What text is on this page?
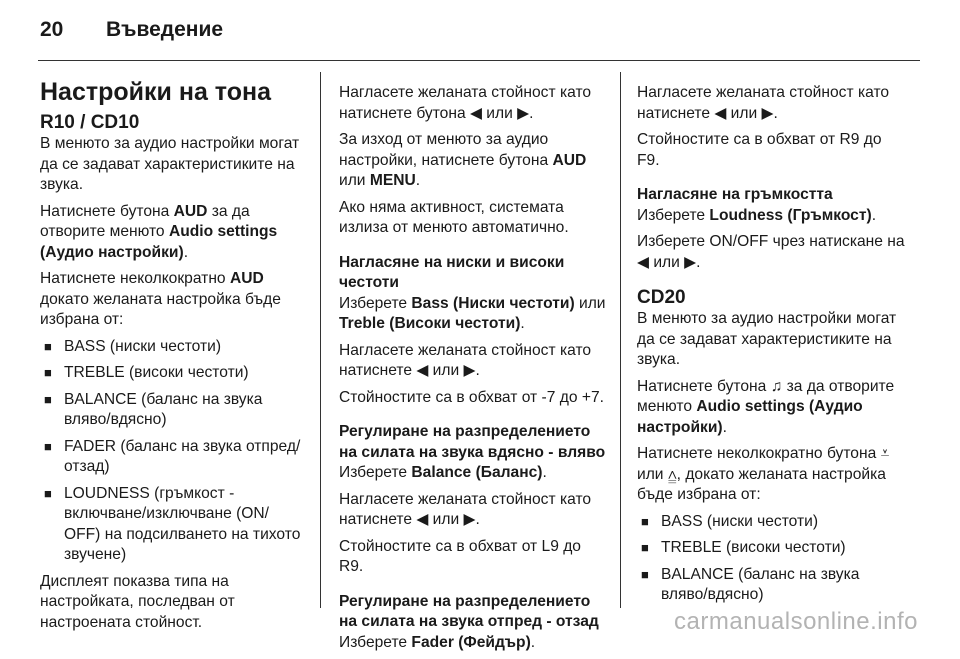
20 Въведение
Настройки на тона
R10 / CD10

В менюто за аудио настройки могат да се задават характеристиките на звука.

Натиснете бутона AUD за да отворите менюто Audio settings (Аудио настройки).

Натиснете неколкократно AUD докато желаната настройка бъде избрана от:

■ BASS (ниски честоти)
■ TREBLE (високи честоти)
■ BALANCE (баланс на звука вляво/вдясно)
■ FADER (баланс на звука отпред/ отзад)
■ LOUDNESS (гръмкост - включване/изключване (ON/ OFF) на подсилването на тихото звучене)

Дисплеят показва типа на настройката, последван от настроената стойност.

Нагласете желаната стойност като натиснете бутона ◀ или ▶.

За изход от менюто за аудио настройки, натиснете бутона AUD или MENU.

Ако няма активност, системата излиза от менюто автоматично.

Нагласяне на ниски и високи честоти

Изберете Bass (Ниски честоти) или Treble (Високи честоти).

Нагласете желаната стойност като натиснете ◀ или ▶.

Стойностите са в обхват от -7 до +7.

Регулиране на разпределението на силата на звука вдясно - вляво

Изберете Balance (Баланс).

Нагласете желаната стойност като натиснете ◀ или ▶.

Стойностите са в обхват от L9 до R9.

Регулиране на разпределението на силата на звука отпред - отзад

Изберете Fader (Фейдър).

Нагласете желаната стойност като натиснете ◀ или ▶.

Стойностите са в обхват от R9 до F9.

Нагласяне на гръмкостта

Изберете Loudness (Гръмкост).

Изберете ON/OFF чрез натискане на ◀ или ▶.

CD20

В менюто за аудио настройки могат да се задават характеристиките на звука.

Натиснете бутона ♫ за да отворите менюто Audio settings (Аудио настройки).

Натиснете неколкократно бутона ⩡ или ⩠, докато желаната настройка бъде избрана от:

■ BASS (ниски честоти)
■ TREBLE (високи честоти)
■ BALANCE (баланс на звука вляво/вдясно)
carmanualsonline.info
